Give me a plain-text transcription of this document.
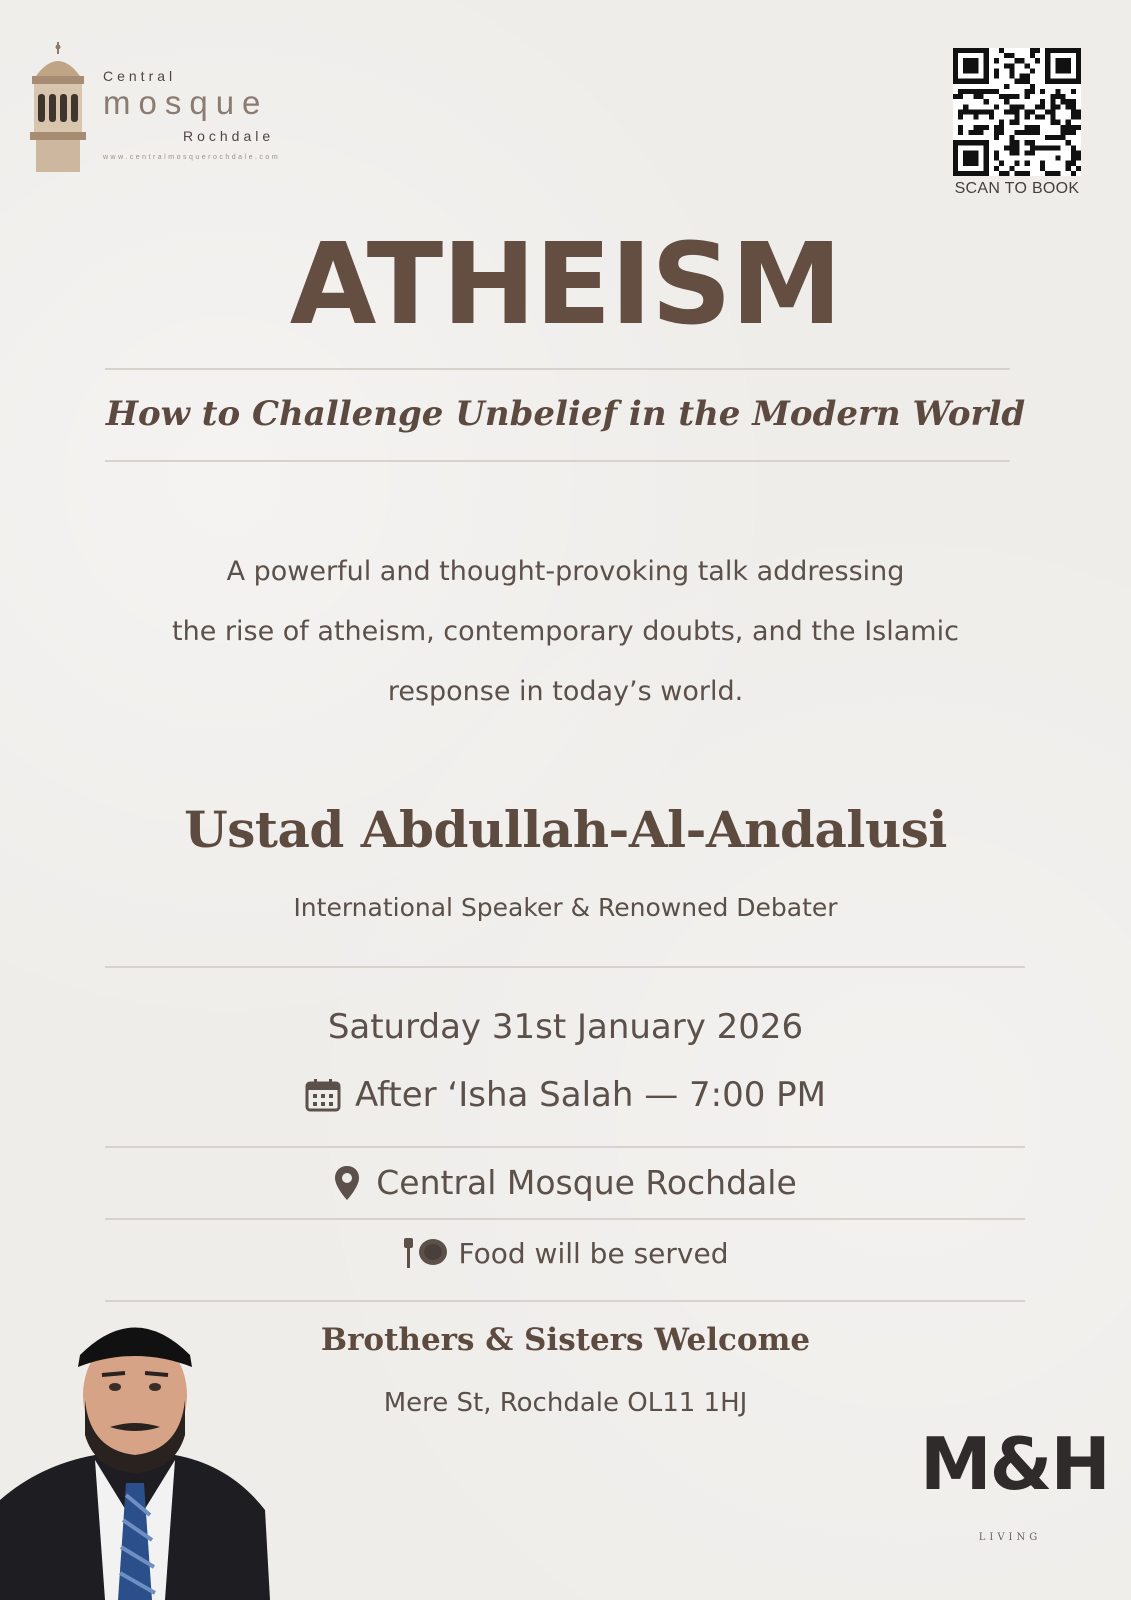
Central
mosque
Rochdale
www.centralmosquerochdale.com
SCAN TO BOOK
ATHEISM
How to Challenge Unbelief in the Modern World
A powerful and thought-provoking talk addressing
the rise of atheism, contemporary doubts, and the Islamic
response in today’s world.
Ustad Abdullah-Al-Andalusi
International Speaker & Renowned Debater
Saturday 31st January 2026
After ‘Isha Salah — 7:00 PM
Central Mosque Rochdale
Food will be served
Brothers & Sisters Welcome
Mere St, Rochdale OL11 1HJ
M&H
LIVING
